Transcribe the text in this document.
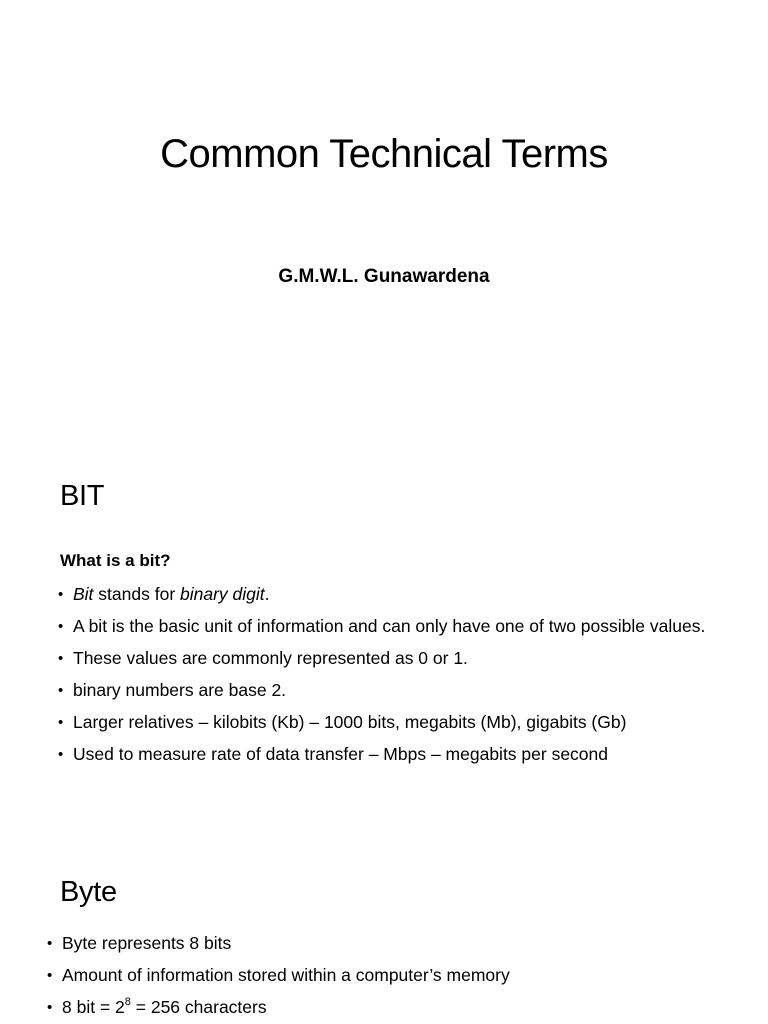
Common Technical Terms

G.M.W.L. Gunawardena

BIT

What is a bit?

• Bit stands for binary digit.
• A bit is the basic unit of information and can only have one of two possible values.
• These values are commonly represented as 0 or 1.
• binary numbers are base 2.
• Larger relatives – kilobits (Kb) – 1000 bits, megabits (Mb), gigabits (Gb)
• Used to measure rate of data transfer – Mbps – megabits per second
Byte
• Byte represents 8 bits
• Amount of information stored within a computer’s memory
• 8 bit = $2^8 = 256$ characters
